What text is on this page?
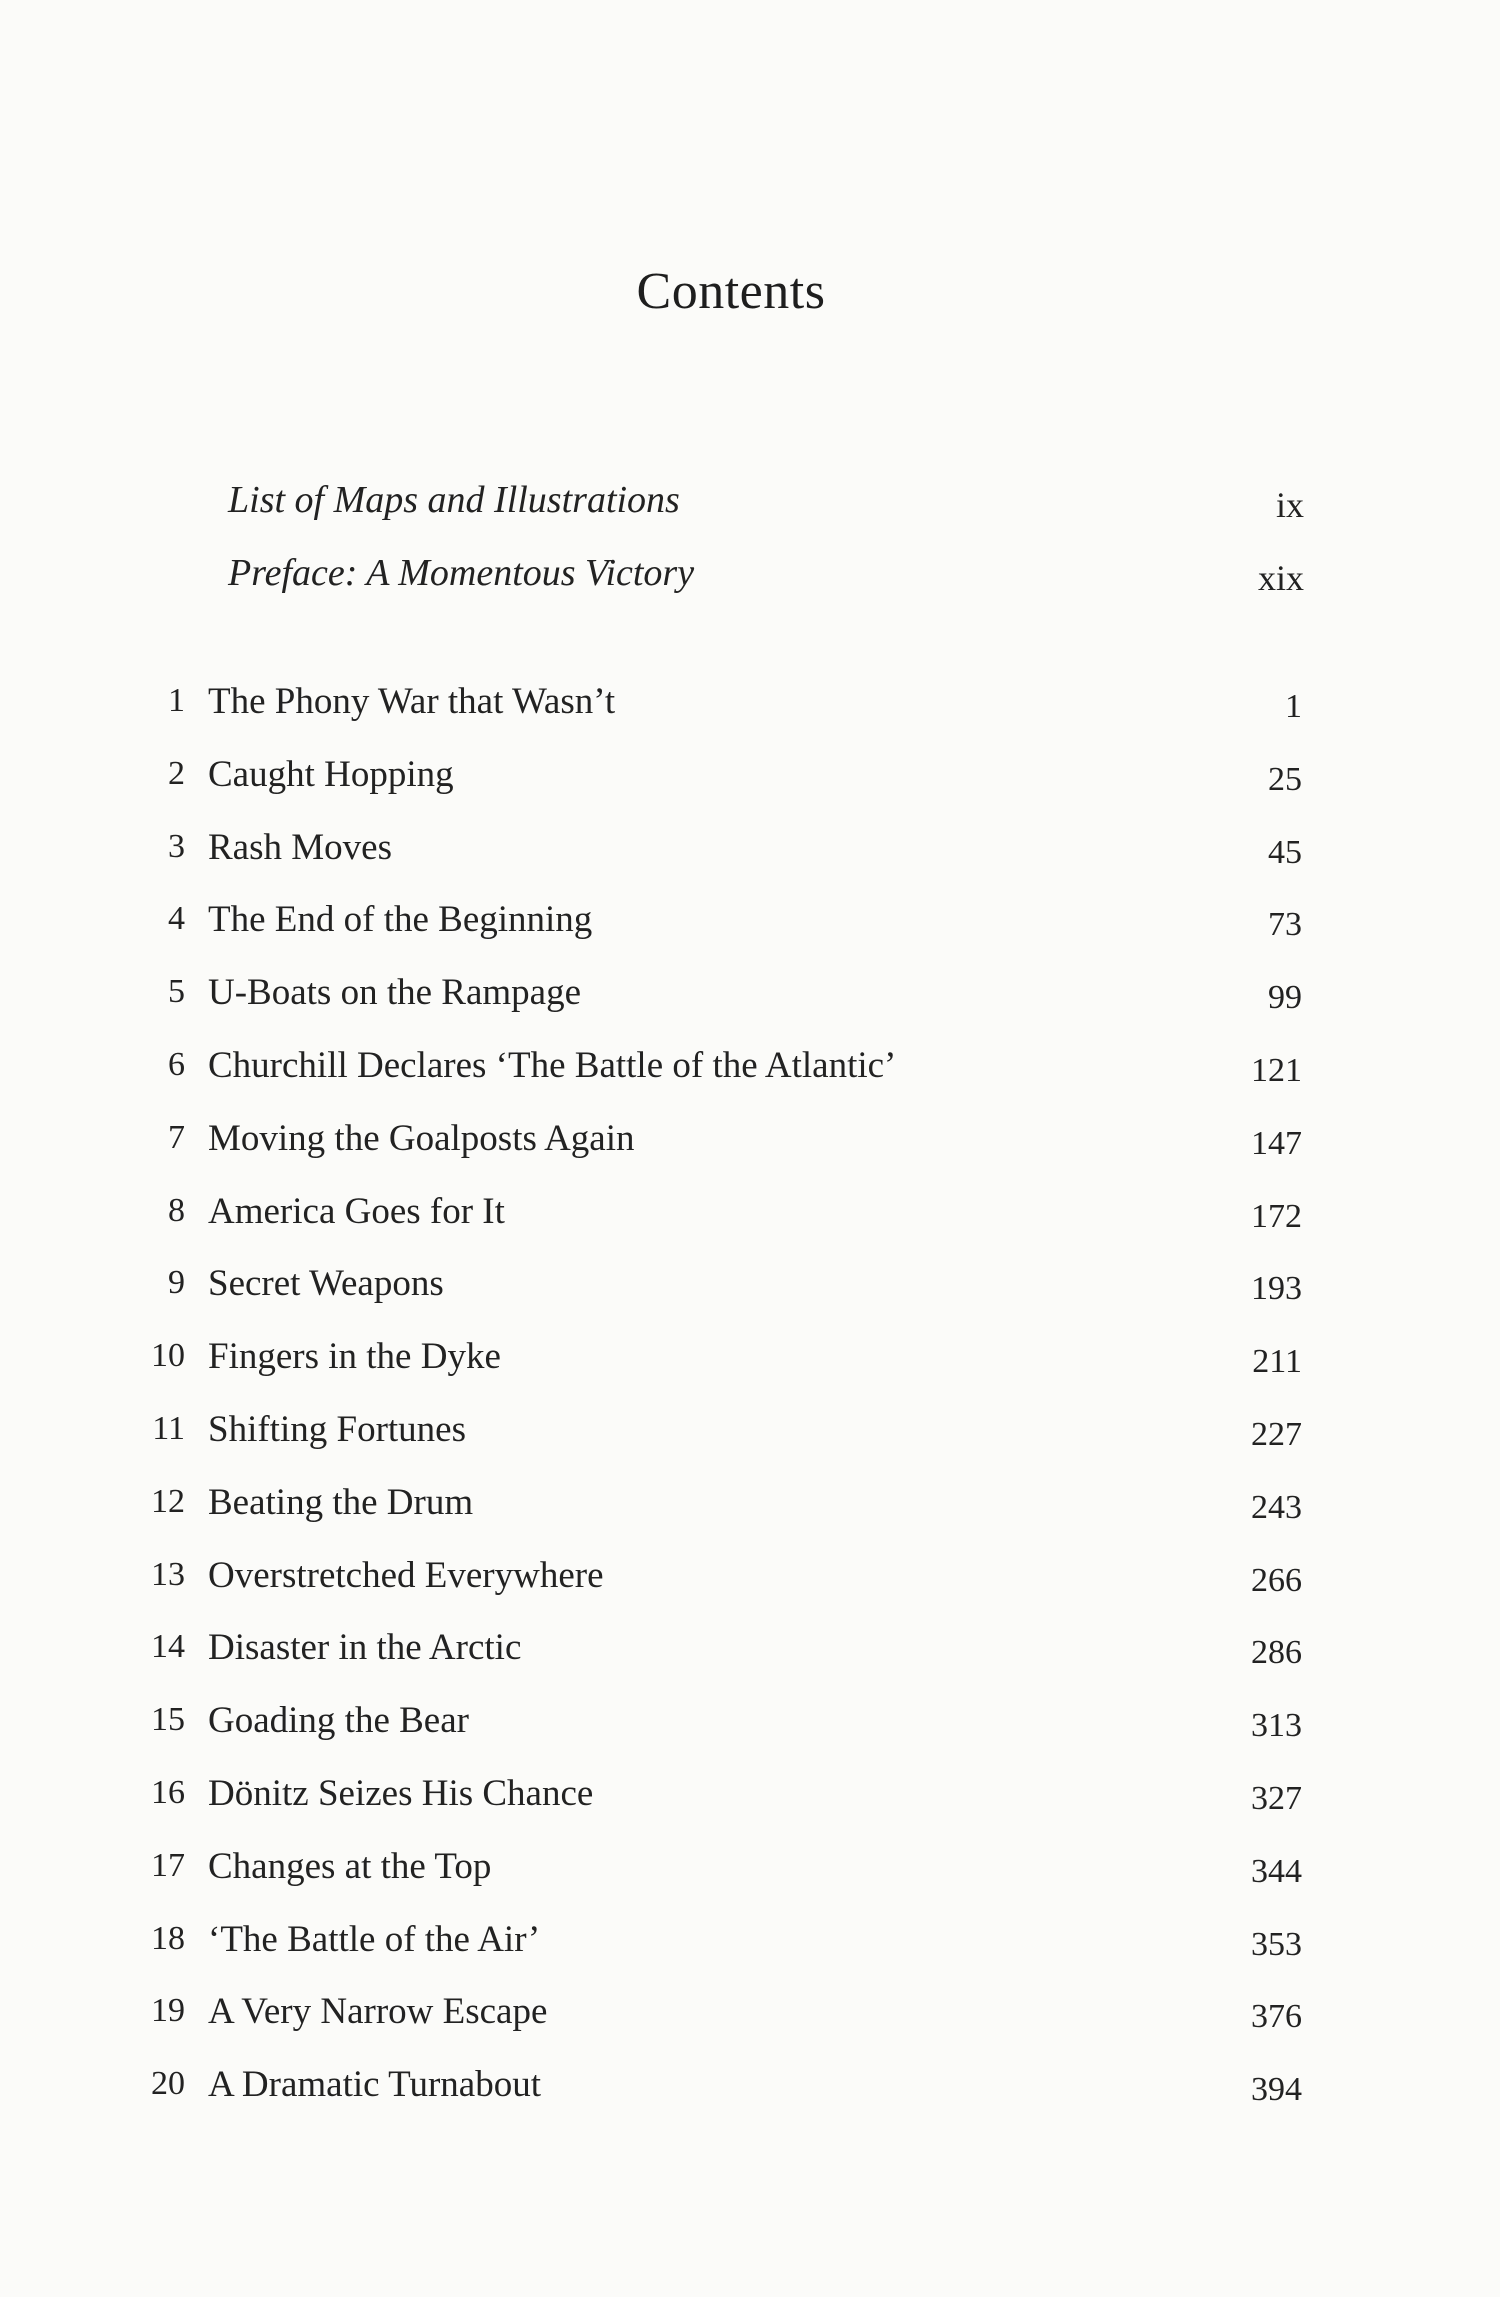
Contents
List of Maps and Illustrations	ix
Preface: A Momentous Victory	xix
1 The Phony War that Wasn’t	1
2 Caught Hopping	25
3 Rash Moves	45
4 The End of the Beginning	73
5 U-Boats on the Rampage	99
6 Churchill Declares ‘The Battle of the Atlantic’	121
7 Moving the Goalposts Again	147
8 America Goes for It	172
9 Secret Weapons	193
10 Fingers in the Dyke	211
11 Shifting Fortunes	227
12 Beating the Drum	243
13 Overstretched Everywhere	266
14 Disaster in the Arctic	286
15 Goading the Bear	313
16 Dönitz Seizes His Chance	327
17 Changes at the Top	344
18 ‘The Battle of the Air’	353
19 A Very Narrow Escape	376
20 A Dramatic Turnabout	394
